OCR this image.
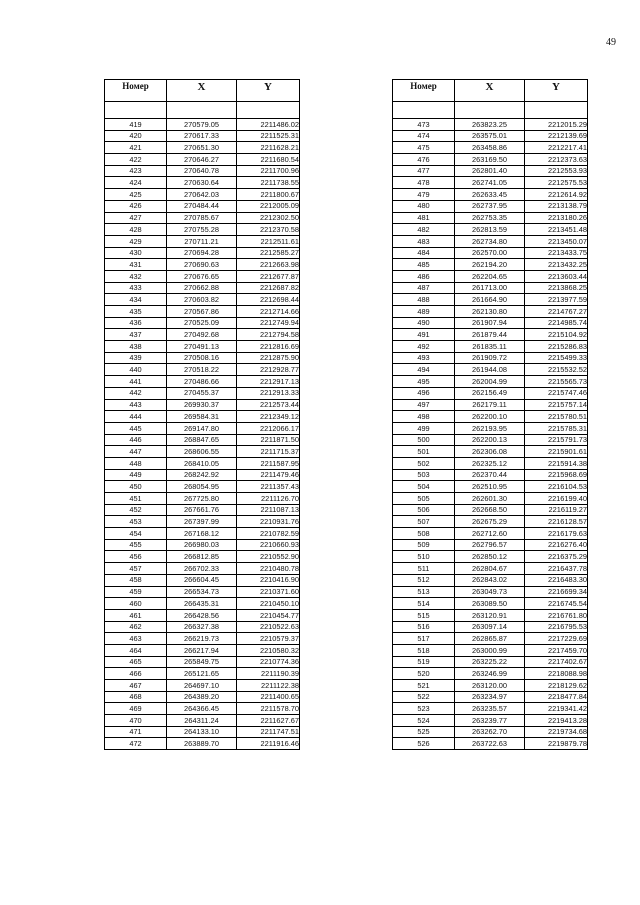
49
Номер	X	Y

419	270579.05	2211486.02
420	270617.33	2211525.31
421	270651.30	2211628.21
422	270646.27	2211680.54
423	270640.78	2211700.96
424	270630.64	2211738.55
425	270642.03	2211800.67
426	270484.44	2212005.09
427	270785.67	2212302.50
428	270755.28	2212370.58
429	270711.21	2212511.61
430	270694.28	2212585.27
431	270690.63	2212663.98
432	270676.65	2212677.87
433	270662.88	2212687.82
434	270603.82	2212698.44
435	270567.86	2212714.66
436	270525.09	2212749.94
437	270492.68	2212794.58
438	270491.13	2212816.69
439	270508.16	2212875.90
440	270518.22	2212928.77
441	270486.66	2212917.13
442	270455.37	2212913.33
443	269930.37	2212573.44
444	269584.31	2212349.12
445	269147.80	2212066.17
446	268847.65	2211871.50
447	268606.55	2211715.37
448	268410.05	2211587.95
449	268242.92	2211479.46
450	268054.95	2211357.43
451	267725.80	2211126.70
452	267661.76	2211087.13
453	267397.99	2210931.76
454	267168.12	2210782.59
455	266980.03	2210660.93
456	266812.85	2210552.90
457	266702.33	2210480.78
458	266604.45	2210416.90
459	266534.73	2210371.60
460	266435.31	2210450.10
461	266428.56	2210454.77
462	266327.38	2210522.63
463	266219.73	2210579.37
464	266217.94	2210580.32
465	265849.75	2210774.36
466	265121.65	2211190.39
467	264697.10	2211122.38
468	264389.20	2211400.65
469	264366.45	2211578.70
470	264311.24	2211627.67
471	264133.10	2211747.51
472	263889.70	2211916.46
Номер	X	Y

473	263823.25	2212015.29
474	263575.01	2212139.69
475	263458.86	2212217.41
476	263169.50	2212373.63
477	262801.40	2212553.93
478	262741.05	2212575.53
479	262633.45	2212614.92
480	262737.95	2213138.79
481	262753.35	2213180.26
482	262813.59	2213451.48
483	262734.80	2213450.07
484	262570.00	2213433.75
485	262194.20	2213432.25
486	262204.65	2213603.44
487	261713.00	2213868.25
488	261664.90	2213977.59
489	262130.80	2214767.27
490	261907.94	2214985.74
491	261879.44	2215104.92
492	261835.11	2215286.83
493	261909.72	2215499.33
494	261944.08	2215532.52
495	262004.99	2215565.73
496	262156.49	2215747.46
497	262179.11	2215757.14
498	262200.10	2215780.51
499	262193.95	2215785.31
500	262200.13	2215791.73
501	262306.08	2215901.61
502	262325.12	2215914.38
503	262370.44	2215968.69
504	262510.95	2216104.53
505	262601.30	2216199.40
506	262668.50	2216119.27
507	262675.29	2216128.57
508	262712.60	2216179.63
509	262796.57	2216276.40
510	262850.12	2216375.29
511	262804.67	2216437.78
512	262843.02	2216483.30
513	263049.73	2216699.34
514	263089.50	2216745.54
515	263120.91	2216761.80
516	263097.14	2216795.53
517	262865.87	2217229.69
518	263000.99	2217459.70
519	263225.22	2217402.67
520	263246.99	2218088.98
521	263120.00	2218129.62
522	263234.97	2218477.84
523	263235.57	2219341.42
524	263239.77	2219413.28
525	263262.70	2219734.68
526	263722.63	2219879.78
